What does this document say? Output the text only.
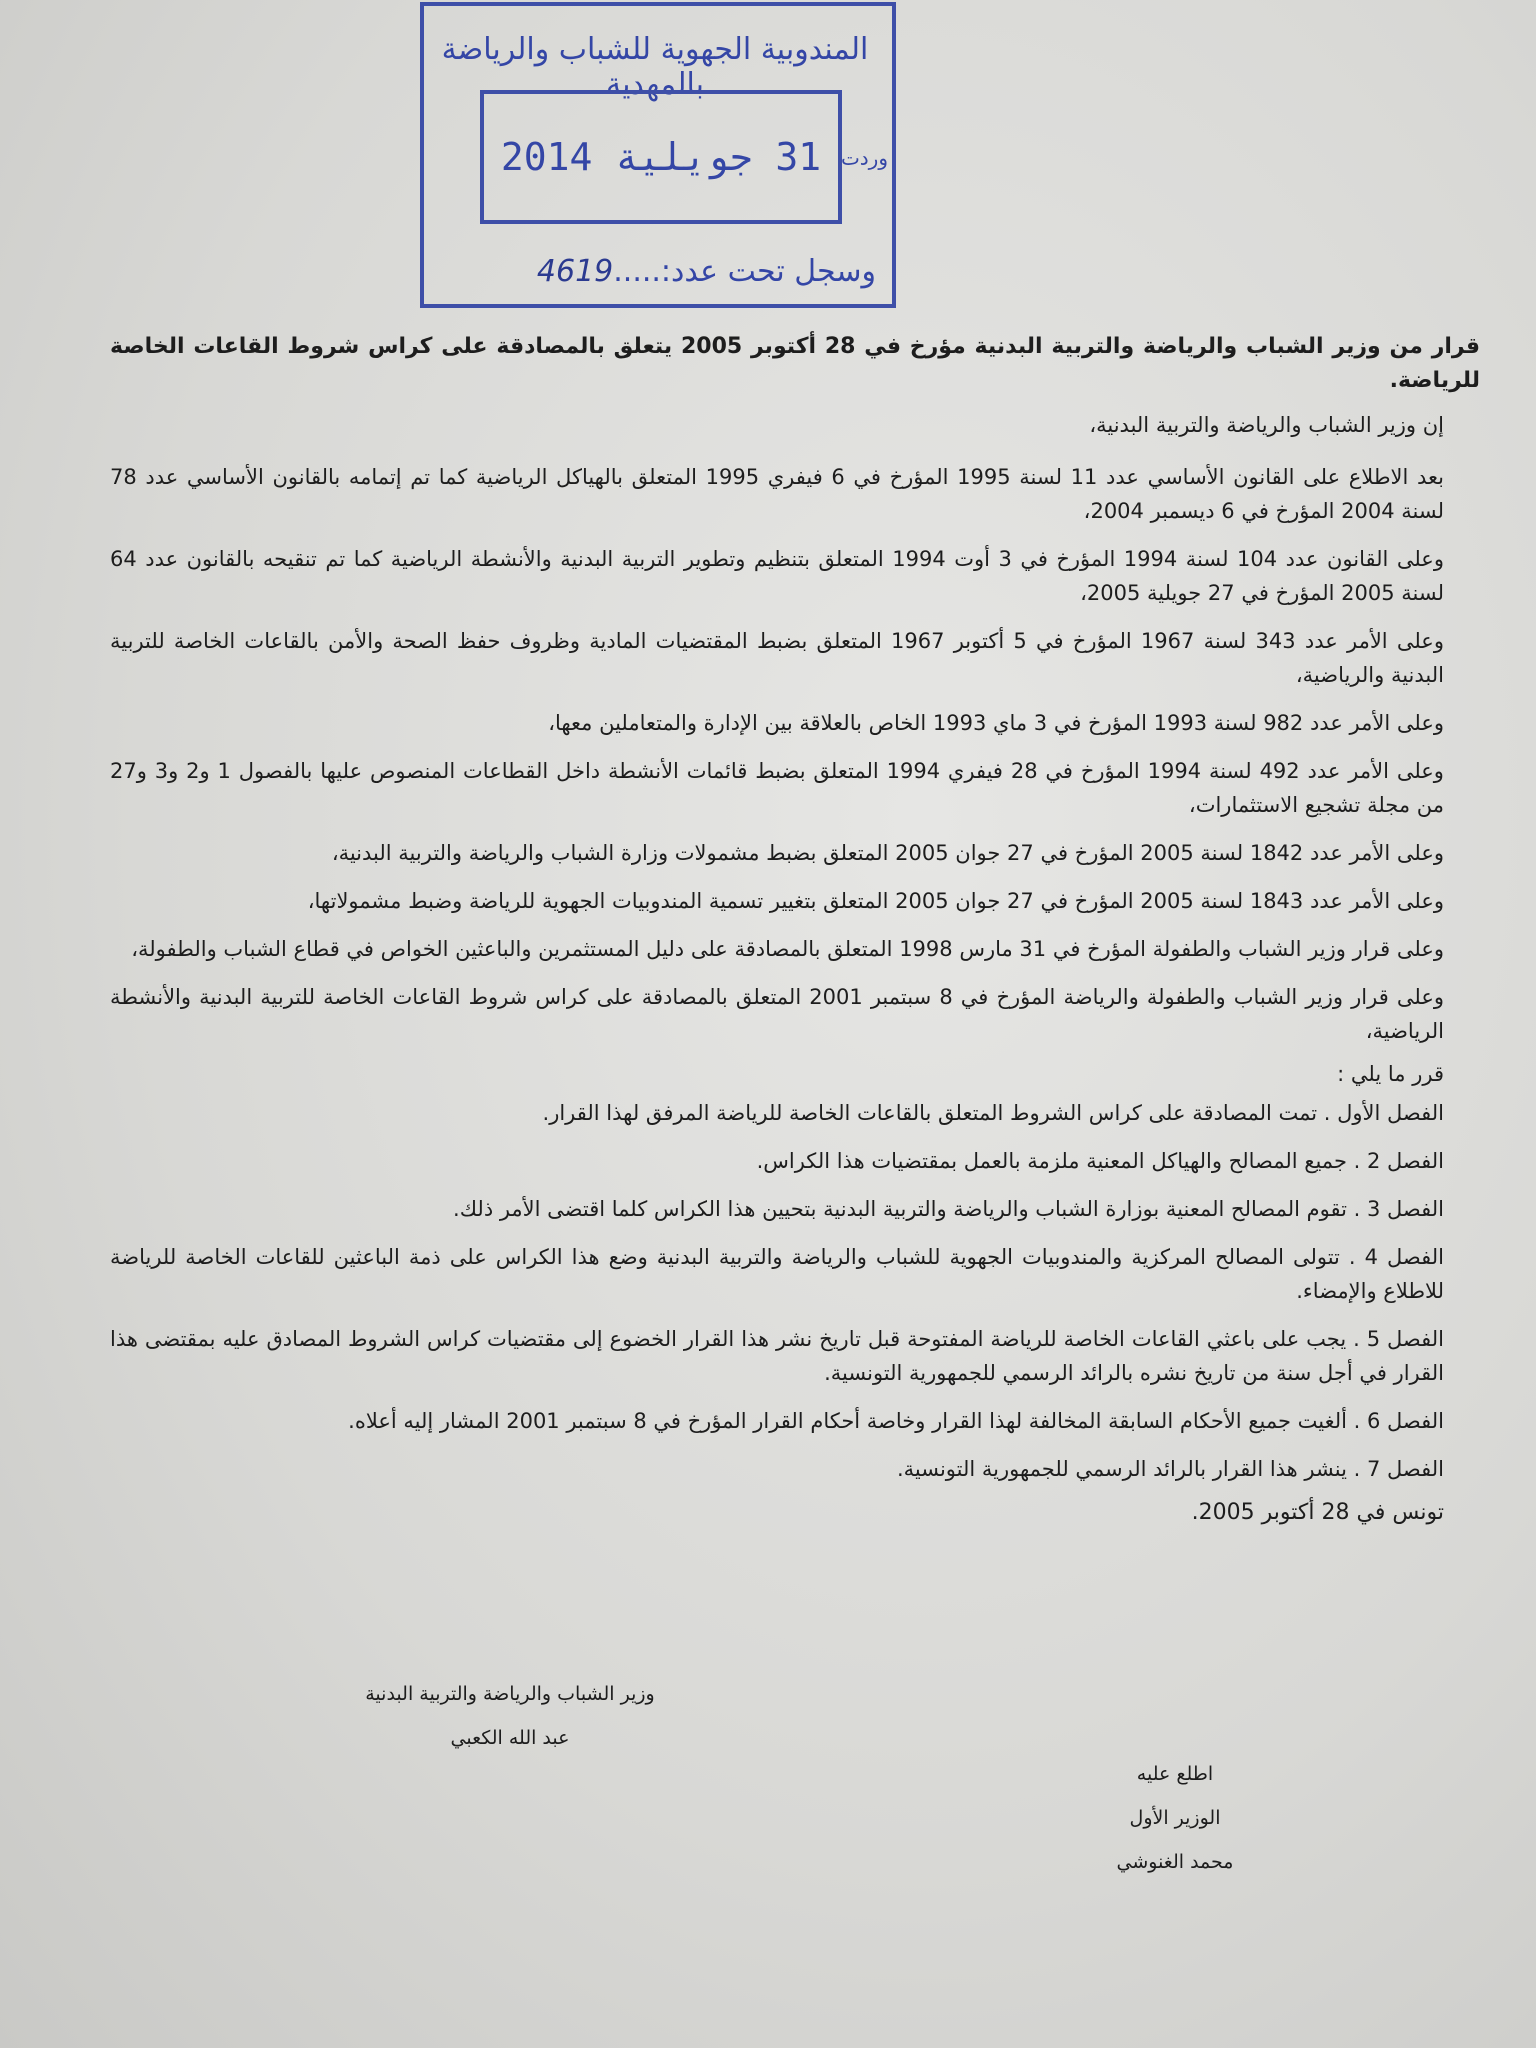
المندوبية الجهوية للشباب والرياضة بالمهدية
31 جويلية 2014 وردت
وسجل تحت عدد:.....4619
قرار من وزير الشباب والرياضة والتربية البدنية مؤرخ في 28 أكتوبر 2005 يتعلق بالمصادقة على كراس شروط القاعات الخاصة للرياضة.
إن وزير الشباب والرياضة والتربية البدنية،
بعد الاطلاع على القانون الأساسي عدد 11 لسنة 1995 المؤرخ في 6 فيفري 1995 المتعلق بالهياكل الرياضية كما تم إتمامه بالقانون الأساسي عدد 78 لسنة 2004 المؤرخ في 6 ديسمبر 2004،
وعلى القانون عدد 104 لسنة 1994 المؤرخ في 3 أوت 1994 المتعلق بتنظيم وتطوير التربية البدنية والأنشطة الرياضية كما تم تنقيحه بالقانون عدد 64 لسنة 2005 المؤرخ في 27 جويلية 2005،
وعلى الأمر عدد 343 لسنة 1967 المؤرخ في 5 أكتوبر 1967 المتعلق بضبط المقتضيات المادية وظروف حفظ الصحة والأمن بالقاعات الخاصة للتربية البدنية والرياضية،
وعلى الأمر عدد 982 لسنة 1993 المؤرخ في 3 ماي 1993 الخاص بالعلاقة بين الإدارة والمتعاملين معها،
وعلى الأمر عدد 492 لسنة 1994 المؤرخ في 28 فيفري 1994 المتعلق بضبط قائمات الأنشطة داخل القطاعات المنصوص عليها بالفصول 1 و2 و3 و27 من مجلة تشجيع الاستثمارات،
وعلى الأمر عدد 1842 لسنة 2005 المؤرخ في 27 جوان 2005 المتعلق بضبط مشمولات وزارة الشباب والرياضة والتربية البدنية،
وعلى الأمر عدد 1843 لسنة 2005 المؤرخ في 27 جوان 2005 المتعلق بتغيير تسمية المندوبيات الجهوية للرياضة وضبط مشمولاتها،
وعلى قرار وزير الشباب والطفولة المؤرخ في 31 مارس 1998 المتعلق بالمصادقة على دليل المستثمرين والباعثين الخواص في قطاع الشباب والطفولة،
وعلى قرار وزير الشباب والطفولة والرياضة المؤرخ في 8 سبتمبر 2001 المتعلق بالمصادقة على كراس شروط القاعات الخاصة للتربية البدنية والأنشطة الرياضية،
قرر ما يلي :
الفصل الأول . تمت المصادقة على كراس الشروط المتعلق بالقاعات الخاصة للرياضة المرفق لهذا القرار.
الفصل 2 . جميع المصالح والهياكل المعنية ملزمة بالعمل بمقتضيات هذا الكراس.
الفصل 3 . تقوم المصالح المعنية بوزارة الشباب والرياضة والتربية البدنية بتحيين هذا الكراس كلما اقتضى الأمر ذلك.
الفصل 4 . تتولى المصالح المركزية والمندوبيات الجهوية للشباب والرياضة والتربية البدنية وضع هذا الكراس على ذمة الباعثين للقاعات الخاصة للرياضة للاطلاع والإمضاء.
الفصل 5 . يجب على باعثي القاعات الخاصة للرياضة المفتوحة قبل تاريخ نشر هذا القرار الخضوع إلى مقتضيات كراس الشروط المصادق عليه بمقتضى هذا القرار في أجل سنة من تاريخ نشره بالرائد الرسمي للجمهورية التونسية.
الفصل 6 . ألغيت جميع الأحكام السابقة المخالفة لهذا القرار وخاصة أحكام القرار المؤرخ في 8 سبتمبر 2001 المشار إليه أعلاه.
الفصل 7 . ينشر هذا القرار بالرائد الرسمي للجمهورية التونسية.
تونس في 28 أكتوبر 2005.
وزير الشباب والرياضة والتربية البدنية
عبد الله الكعبي
اطلع عليه
الوزير الأول
محمد الغنوشي
